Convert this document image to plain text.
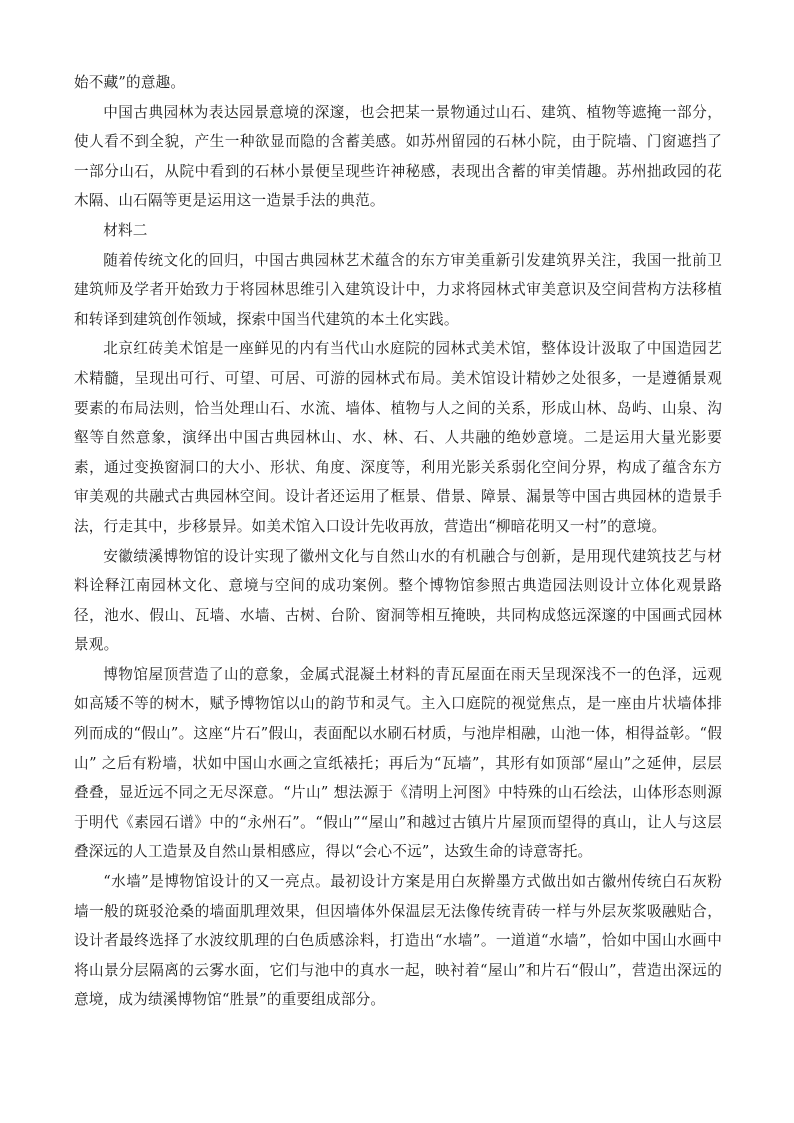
始不藏”的意趣。

中国古典园林为表达园景意境的深邃，也会把某一景物通过山石、建筑、植物等遮掩一部分，使人看不到全貌，产生一种欲显而隐的含蓄美感。如苏州留园的石林小院，由于院墙、门窗遮挡了一部分山石，从院中看到的石林小景便呈现些许神秘感，表现出含蓄的审美情趣。苏州拙政园的花木隔、山石隔等更是运用这一造景手法的典范。

材料二

随着传统文化的回归，中国古典园林艺术蕴含的东方审美重新引发建筑界关注，我国一批前卫建筑师及学者开始致力于将园林思维引入建筑设计中，力求将园林式审美意识及空间营构方法移植和转译到建筑创作领域，探索中国当代建筑的本土化实践。

北京红砖美术馆是一座鲜见的内有当代山水庭院的园林式美术馆，整体设计汲取了中国造园艺术精髓，呈现出可行、可望、可居、可游的园林式布局。美术馆设计精妙之处很多，一是遵循景观要素的布局法则，恰当处理山石、水流、墙体、植物与人之间的关系，形成山林、岛屿、山泉、沟壑等自然意象，演绎出中国古典园林山、水、林、石、人共融的绝妙意境。二是运用大量光影要素，通过变换窗洞口的大小、形状、角度、深度等，利用光影关系弱化空间分界，构成了蕴含东方审美观的共融式古典园林空间。设计者还运用了框景、借景、障景、漏景等中国古典园林的造景手法，行走其中，步移景异。如美术馆入口设计先收再放，营造出“柳暗花明又一村”的意境。

安徽绩溪博物馆的设计实现了徽州文化与自然山水的有机融合与创新，是用现代建筑技艺与材料诠释江南园林文化、意境与空间的成功案例。整个博物馆参照古典造园法则设计立体化观景路径，池水、假山、瓦墙、水墙、古树、台阶、窗洞等相互掩映，共同构成悠远深邃的中国画式园林景观。

博物馆屋顶营造了山的意象，金属式混凝土材料的青瓦屋面在雨天呈现深浅不一的色泽，远观如高矮不等的树木，赋予博物馆以山的韵节和灵气。主入口庭院的视觉焦点，是一座由片状墙体排列而成的“假山”。这座“片石”假山，表面配以水刷石材质，与池岸相融，山池一体，相得益彰。“假山” 之后有粉墙，状如中国山水画之宣纸裱托；再后为“瓦墙”，其形有如顶部“屋山”之延伸，层层叠叠，显近远不同之无尽深意。“片山” 想法源于《清明上河图》中特殊的山石绘法，山体形态则源于明代《素园石谱》中的“永州石”。“假山”“屋山”和越过古镇片片屋顶而望得的真山，让人与这层叠深远的人工造景及自然山景相感应，得以“会心不远”，达致生命的诗意寄托。

“水墙”是博物馆设计的又一亮点。最初设计方案是用白灰擀墨方式做出如古徽州传统白石灰粉墙一般的斑驳沧桑的墙面肌理效果，但因墙体外保温层无法像传统青砖一样与外层灰浆吸融贴合，设计者最终选择了水波纹肌理的白色质感涂料，打造出“水墙”。一道道“水墙”，恰如中国山水画中将山景分层隔离的云雾水面，它们与池中的真水一起，映衬着“屋山”和片石“假山”，营造出深远的意境，成为绩溪博物馆“胜景”的重要组成部分。
